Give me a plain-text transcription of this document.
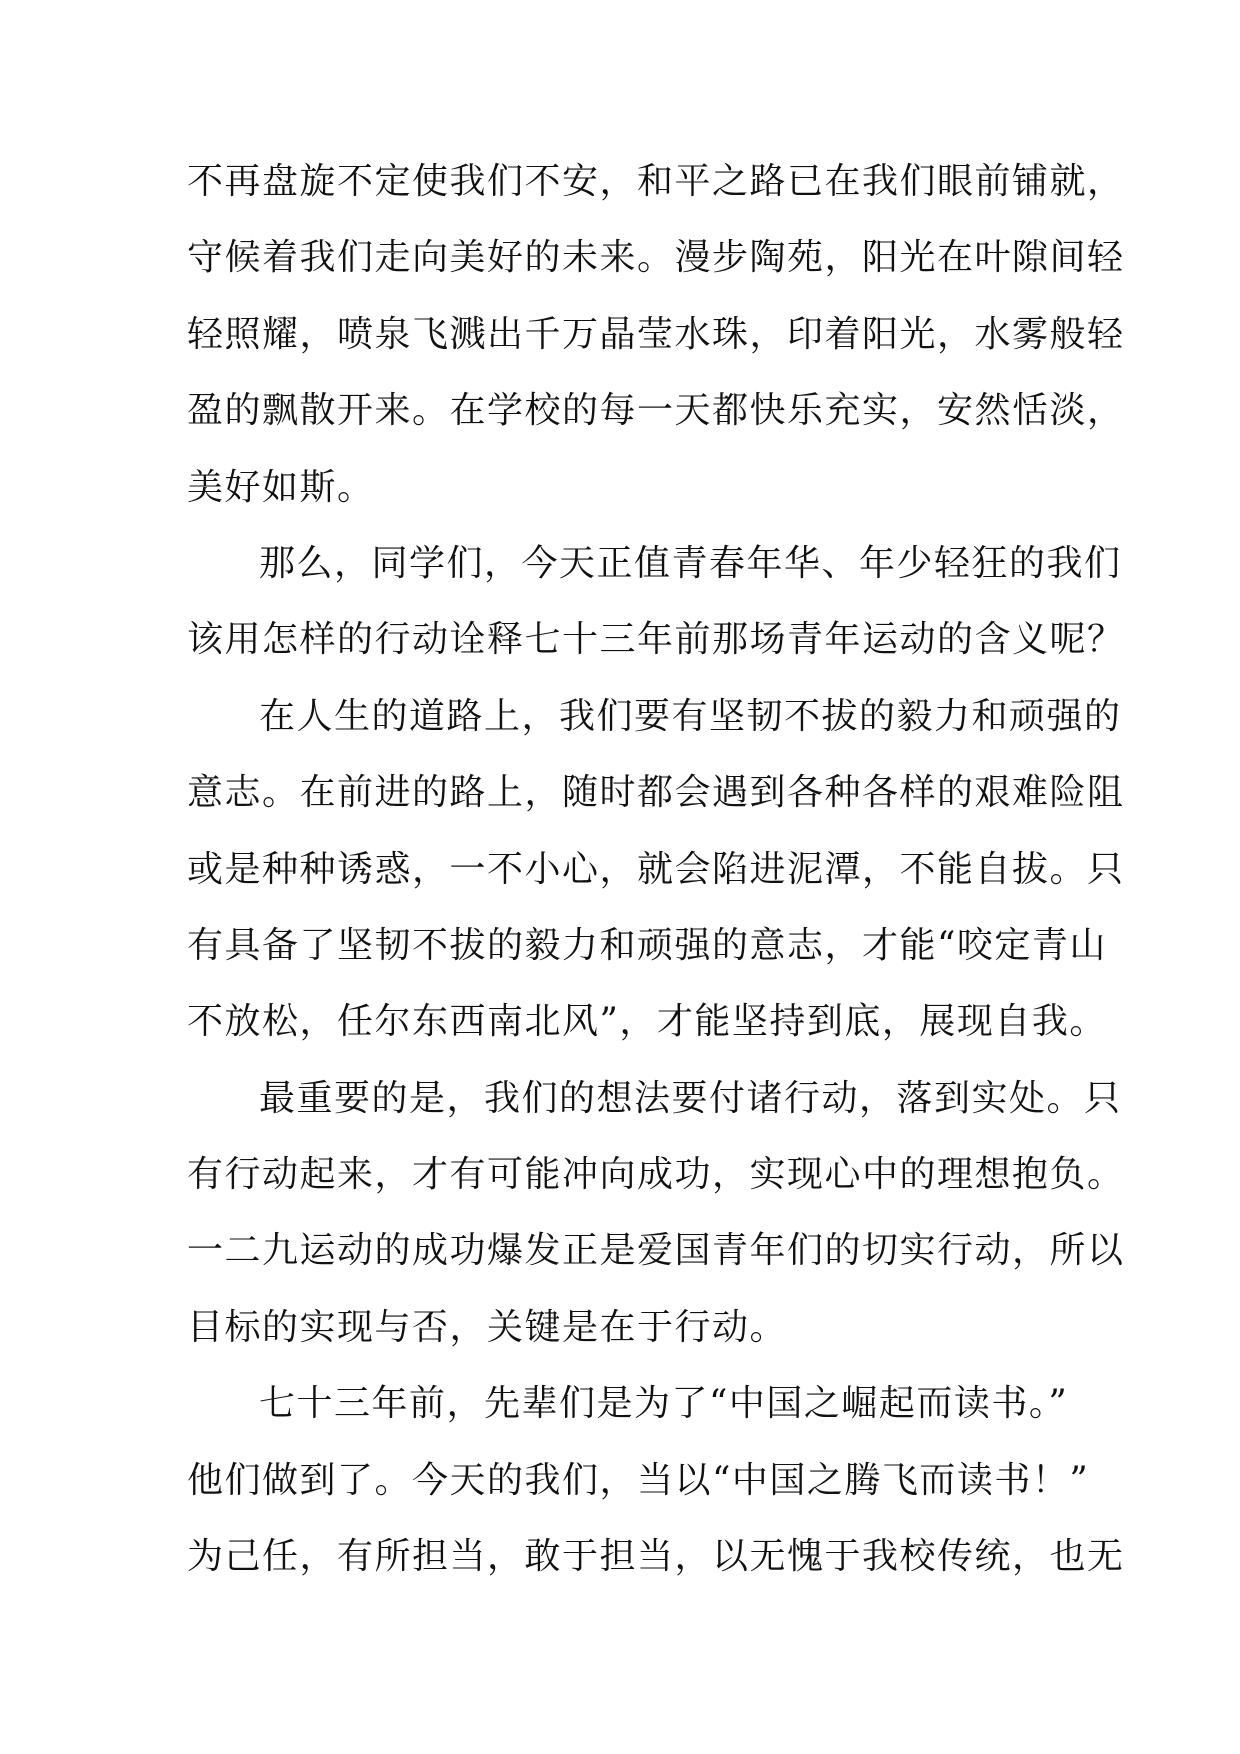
不再盘旋不定使我们不安，和平之路已在我们眼前铺就，
守候着我们走向美好的未来。漫步陶苑，阳光在叶隙间轻
轻照耀，喷泉飞溅出千万晶莹水珠，印着阳光，水雾般轻
盈的飘散开来。在学校的每一天都快乐充实，安然恬淡，
美好如斯。
那么，同学们，今天正值青春年华、年少轻狂的我们
该用怎样的行动诠释七十三年前那场青年运动的含义呢？
在人生的道路上，我们要有坚韧不拔的毅力和顽强的
意志。在前进的路上，随时都会遇到各种各样的艰难险阻
或是种种诱惑，一不小心，就会陷进泥潭，不能自拔。只
有具备了坚韧不拔的毅力和顽强的意志，才能“咬定青山
不放松，任尔东西南北风”，才能坚持到底，展现自我。
最重要的是，我们的想法要付诸行动，落到实处。只
有行动起来，才有可能冲向成功，实现心中的理想抱负。
一二九运动的成功爆发正是爱国青年们的切实行动，所以
目标的实现与否，关键是在于行动。
七十三年前，先辈们是为了“中国之崛起而读书。”
他们做到了。今天的我们，当以“中国之腾飞而读书！”
为己任，有所担当，敢于担当，以无愧于我校传统，也无
